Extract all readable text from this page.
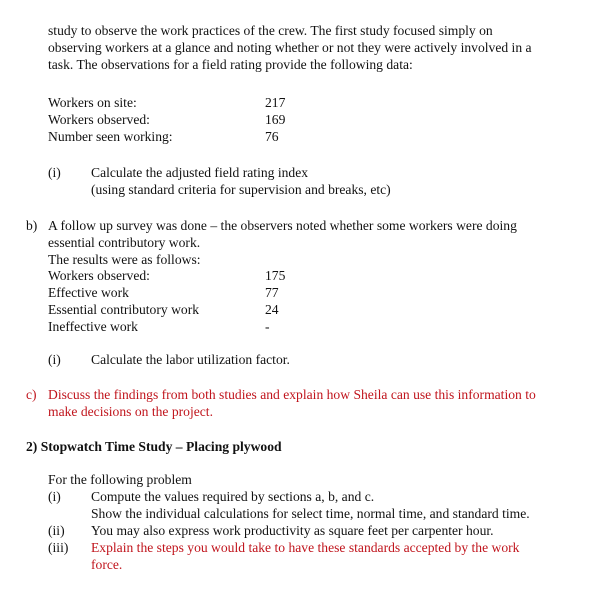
study to observe the work practices of the crew. The first study focused simply on
observing workers at a glance and noting whether or not they were actively involved in a
task. The observations for a field rating provide the following data:
Workers on site:	217
Workers observed:	169
Number seen working:	76
(i) Calculate the adjusted field rating index
(using standard criteria for supervision and breaks, etc)
b) A follow up survey was done – the observers noted whether some workers were doing
essential contributory work.
The results were as follows:
Workers observed:	175
Effective work	77
Essential contributory work	24
Ineffective work	-
(i) Calculate the labor utilization factor.
c) Discuss the findings from both studies and explain how Sheila can use this information to
make decisions on the project.
2) Stopwatch Time Study – Placing plywood
For the following problem
(i) Compute the values required by sections a, b, and c.
Show the individual calculations for select time, normal time, and standard time.
(ii) You may also express work productivity as square feet per carpenter hour.
(iii) Explain the steps you would take to have these standards accepted by the work
force.
